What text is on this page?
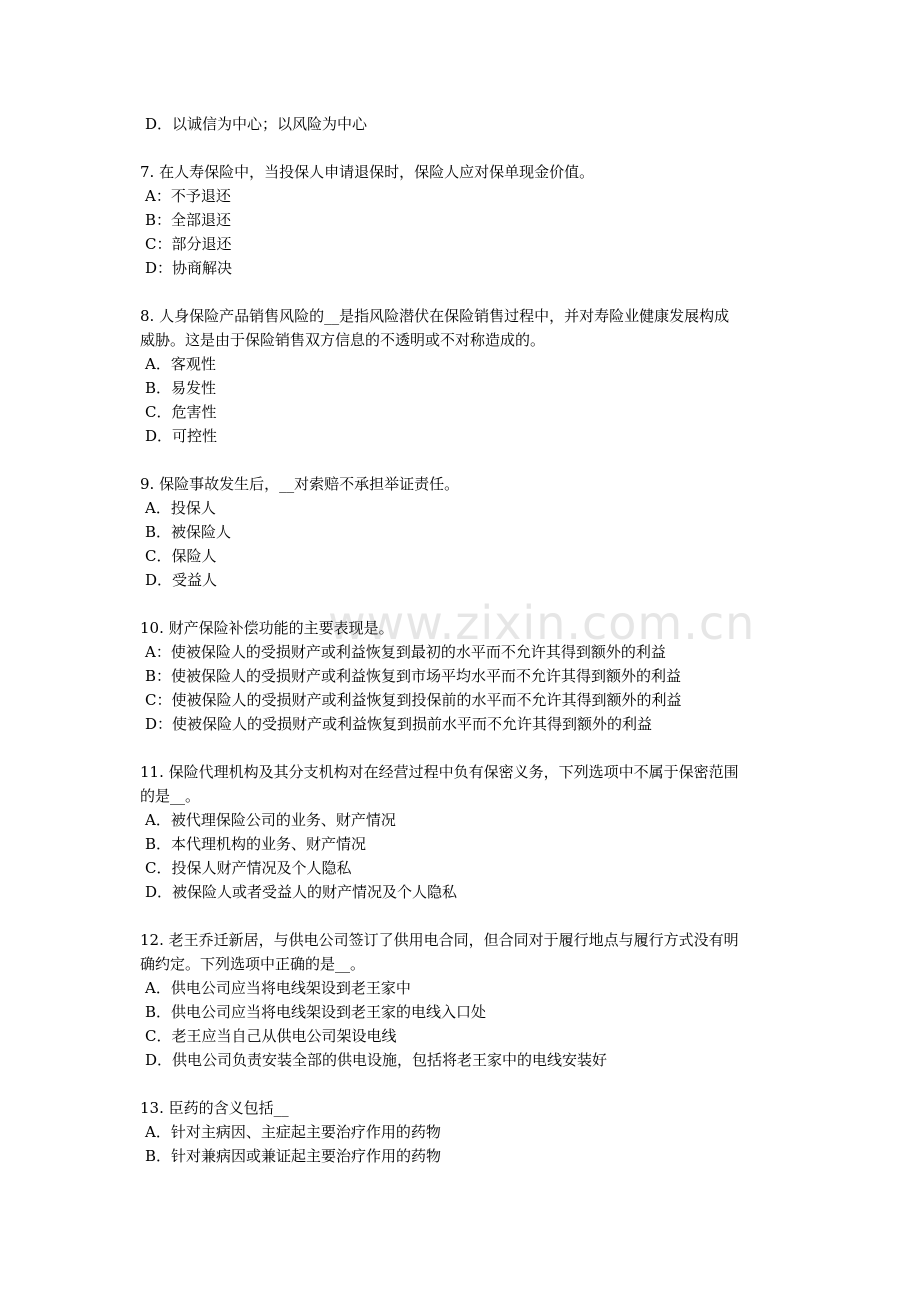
www.zixin.com.cn

D．以诚信为中心；以风险为中心

7. 在人寿保险中，当投保人申请退保时，保险人应对保单现金价值。

A：不予退还

B：全部退还

C：部分退还

D：协商解决

8. 人身保险产品销售风险的__是指风险潜伏在保险销售过程中，并对寿险业健康发展构成

威胁。这是由于保险销售双方信息的不透明或不对称造成的。

A．客观性

B．易发性

C．危害性

D．可控性

9. 保险事故发生后，__对索赔不承担举证责任。

A．投保人

B．被保险人

C．保险人

D．受益人

10. 财产保险补偿功能的主要表现是。

A：使被保险人的受损财产或利益恢复到最初的水平而不允许其得到额外的利益

B：使被保险人的受损财产或利益恢复到市场平均水平而不允许其得到额外的利益

C：使被保险人的受损财产或利益恢复到投保前的水平而不允许其得到额外的利益

D：使被保险人的受损财产或利益恢复到损前水平而不允许其得到额外的利益

11. 保险代理机构及其分支机构对在经营过程中负有保密义务，下列选项中不属于保密范围

的是__。

A．被代理保险公司的业务、财产情况

B．本代理机构的业务、财产情况

C．投保人财产情况及个人隐私

D．被保险人或者受益人的财产情况及个人隐私

12. 老王乔迁新居，与供电公司签订了供用电合同，但合同对于履行地点与履行方式没有明

确约定。下列选项中正确的是__。

A．供电公司应当将电线架设到老王家中

B．供电公司应当将电线架设到老王家的电线入口处

C．老王应当自己从供电公司架设电线

D．供电公司负责安装全部的供电设施，包括将老王家中的电线安装好

13. 臣药的含义包括__

A．针对主病因、主症起主要治疗作用的药物

B．针对兼病因或兼证起主要治疗作用的药物
